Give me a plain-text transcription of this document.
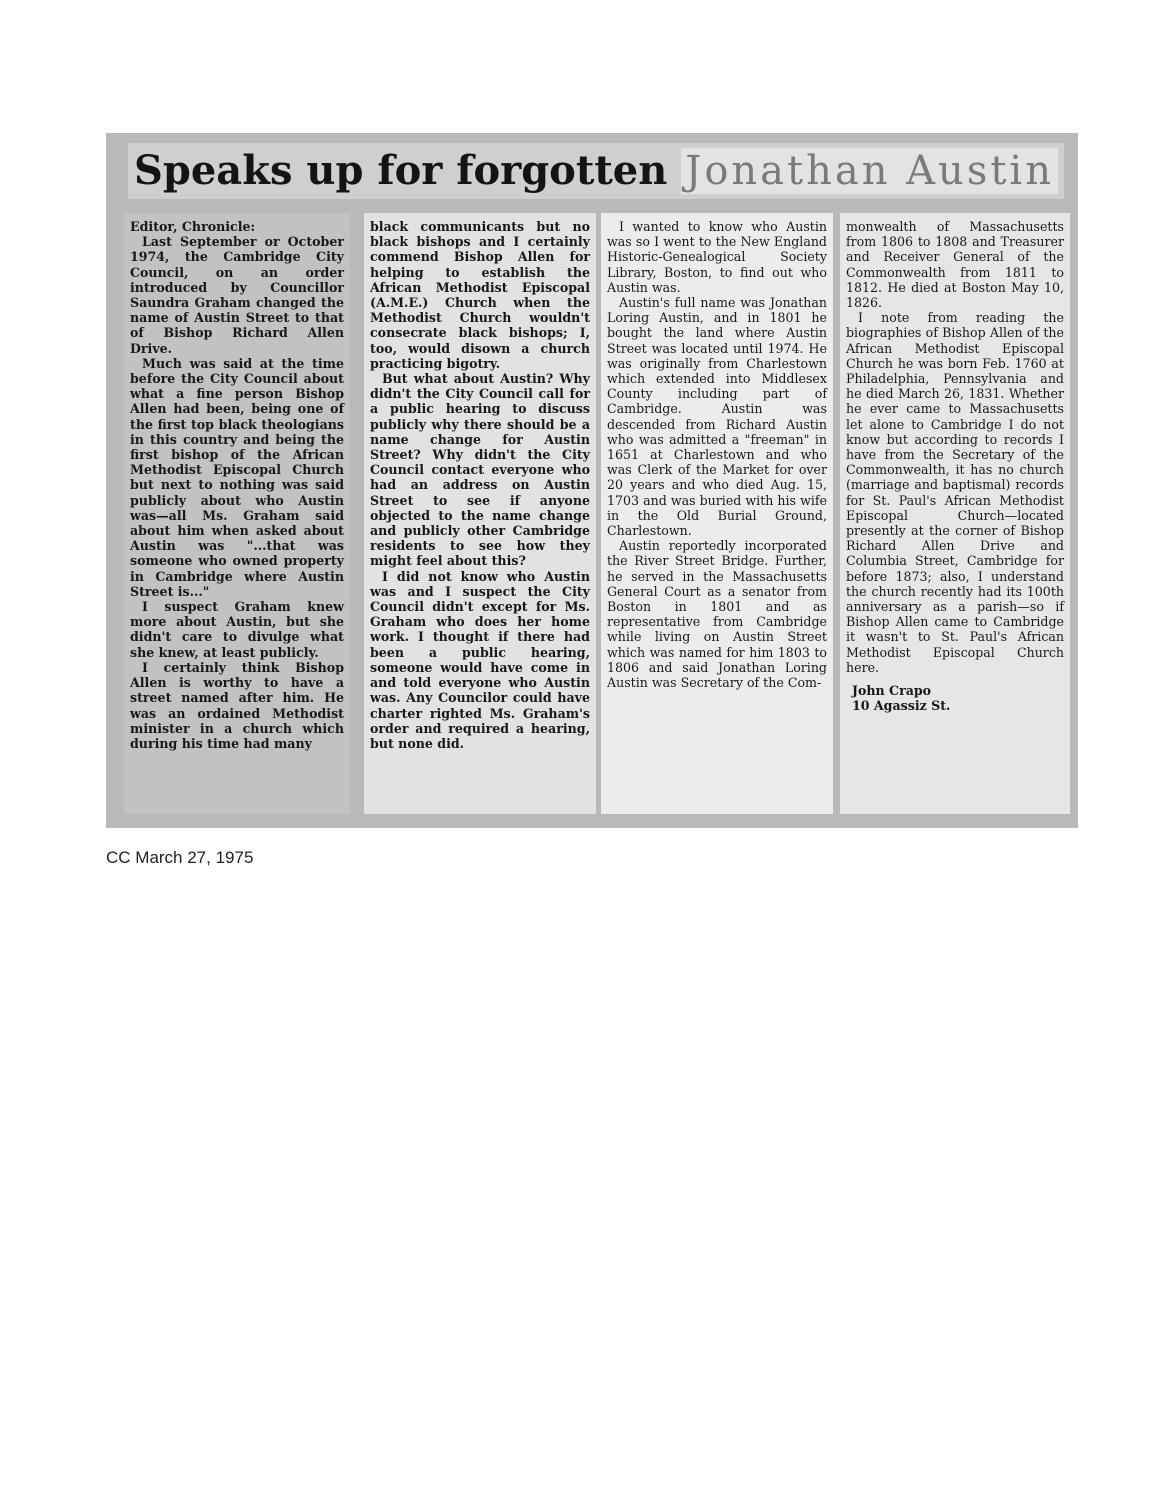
Speaks up for forgotten Jonathan Austin

Editor, Chronicle:

Last September or October 1974, the Cambridge City Council, on an order introduced by Councillor Saundra Graham changed the name of Austin Street to that of Bishop Richard Allen Drive.

Much was said at the time before the City Council about what a fine person Bishop Allen had been, being one of the first top black theologians in this country and being the first bishop of the African Methodist Episcopal Church but next to nothing was said publicly about who Austin was—all Ms. Graham said about him when asked about Austin was "...that was someone who owned property in Cambridge where Austin Street is..."

I suspect Graham knew more about Austin, but she didn't care to divulge what she knew, at least publicly.

I certainly think Bishop Allen is worthy to have a street named after him. He was an ordained Methodist minister in a church which during his time had many

black communicants but no black bishops and I certainly commend Bishop Allen for helping to establish the African Methodist Episcopal (A.M.E.) Church when the Methodist Church wouldn't consecrate black bishops; I, too, would disown a church practicing bigotry.

But what about Austin? Why didn't the City Council call for a public hearing to discuss publicly why there should be a name change for Austin Street? Why didn't the City Council contact everyone who had an address on Austin Street to see if anyone objected to the name change and publicly other Cambridge residents to see how they might feel about this?

I did not know who Austin was and I suspect the City Council didn't except for Ms. Graham who does her home work. I thought if there had been a public hearing, someone would have come in and told everyone who Austin was. Any Councilor could have charter righted Ms. Graham's order and required a hearing, but none did.

I wanted to know who Austin was so I went to the New England Historic-Genealogical Society Library, Boston, to find out who Austin was.

Austin's full name was Jonathan Loring Austin, and in 1801 he bought the land where Austin Street was located until 1974. He was originally from Charlestown which extended into Middlesex County including part of Cambridge. Austin was descended from Richard Austin who was admitted a "freeman" in 1651 at Charlestown and who was Clerk of the Market for over 20 years and who died Aug. 15, 1703 and was buried with his wife in the Old Burial Ground, Charlestown.

Austin reportedly incorporated the River Street Bridge. Further, he served in the Massachusetts General Court as a senator from Boston in 1801 and as representative from Cambridge while living on Austin Street which was named for him 1803 to 1806 and said Jonathan Loring Austin was Secretary of the Com-

monwealth of Massachusetts from 1806 to 1808 and Treasurer and Receiver General of the Commonwealth from 1811 to 1812. He died at Boston May 10, 1826.

I note from reading the biographies of Bishop Allen of the African Methodist Episcopal Church he was born Feb. 1760 at Philadelphia, Pennsylvania and he died March 26, 1831. Whether he ever came to Massachusetts let alone to Cambridge I do not know but according to records I have from the Secretary of the Commonwealth, it has no church (marriage and baptismal) records for St. Paul's African Methodist Episcopal Church—located presently at the corner of Bishop Richard Allen Drive and Columbia Street, Cambridge for before 1873; also, I understand the church recently had its 100th anniversary as a parish—so if Bishop Allen came to Cambridge it wasn't to St. Paul's African Methodist Episcopal Church here.

John Crapo
10 Agassiz St.
CC March 27, 1975
